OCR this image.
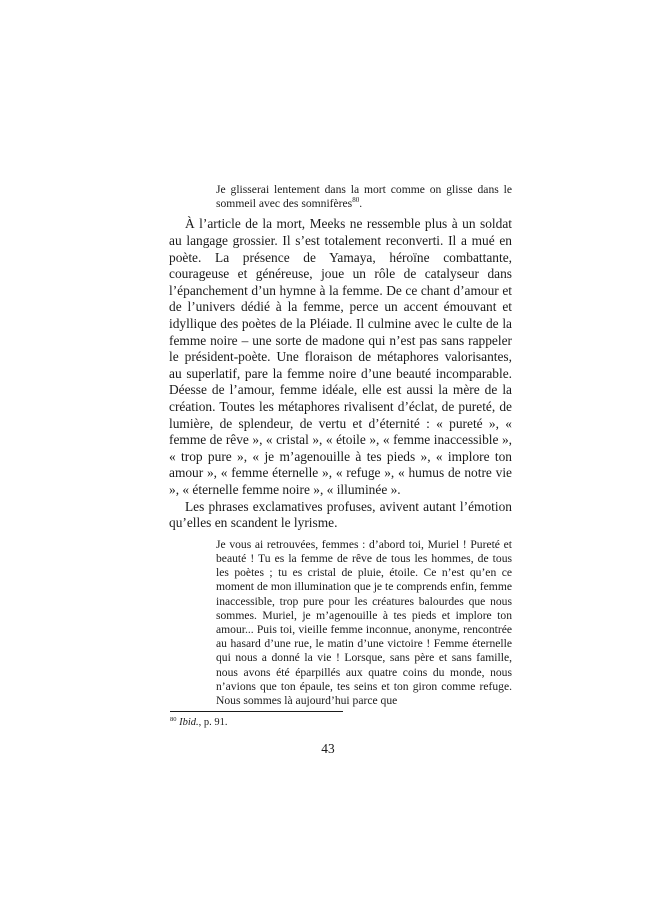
Je glisserai lentement dans la mort comme on glisse dans le sommeil avec des somnifères$^{80}$.

À l’article de la mort, Meeks ne ressemble plus à un soldat au langage grossier. Il s’est totalement reconverti. Il a mué en poète. La présence de Yamaya, héroïne combattante, courageuse et généreuse, joue un rôle de catalyseur dans l’épanchement d’un hymne à la femme. De ce chant d’amour et de l’univers dédié à la femme, perce un accent émouvant et idyllique des poètes de la Pléiade. Il culmine avec le culte de la femme noire – une sorte de madone qui n’est pas sans rappeler le président-poète. Une floraison de métaphores valorisantes, au superlatif, pare la femme noire d’une beauté incomparable. Déesse de l’amour, femme idéale, elle est aussi la mère de la création. Toutes les métaphores rivalisent d’éclat, de pureté, de lumière, de splendeur, de vertu et d’éternité : « pureté », « femme de rêve », « cristal », « étoile », « femme inaccessible », « trop pure », « je m’agenouille à tes pieds », « implore ton amour », « femme éternelle », « refuge », « humus de notre vie », « éternelle femme noire », « illuminée ».

Les phrases exclamatives profuses, avivent autant l’émotion qu’elles en scandent le lyrisme.

Je vous ai retrouvées, femmes : d’abord toi, Muriel ! Pureté et beauté ! Tu es la femme de rêve de tous les hommes, de tous les poètes ; tu es cristal de pluie, étoile. Ce n’est qu’en ce moment de mon illumination que je te comprends enfin, femme inaccessible, trop pure pour les créatures balourdes que nous sommes. Muriel, je m’agenouille à tes pieds et implore ton amour... Puis toi, vieille femme inconnue, anonyme, rencontrée au hasard d’une rue, le matin d’une victoire ! Femme éternelle qui nous a donné la vie ! Lorsque, sans père et sans famille, nous avons été éparpillés aux quatre coins du monde, nous n’avions que ton épaule, tes seins et ton giron comme refuge. Nous sommes là aujourd’hui parce que

$^{80}$ Ibid., p. 91.
43
